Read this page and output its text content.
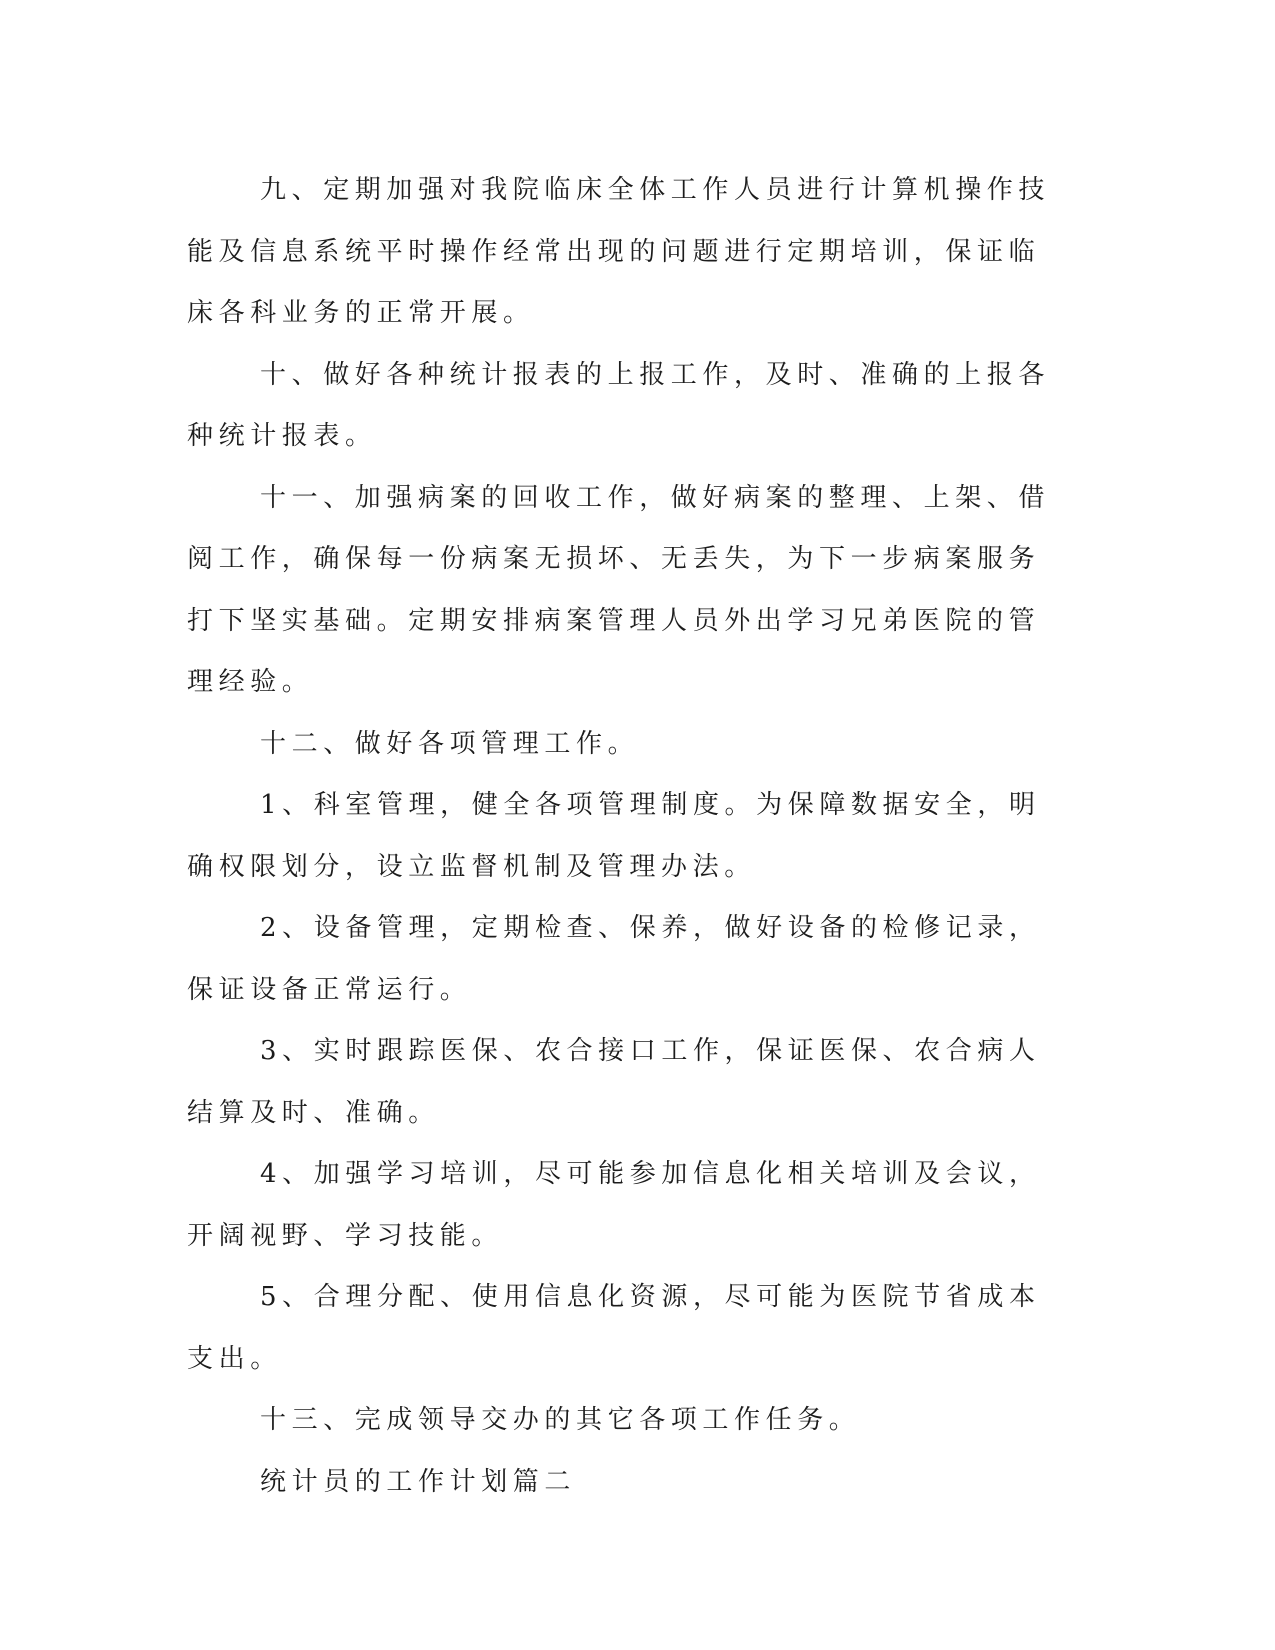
九、定期加强对我院临床全体工作人员进行计算机操作技能及信息系统平时操作经常出现的问题进行定期培训，保证临床各科业务的正常开展。

十、做好各种统计报表的上报工作，及时、准确的上报各种统计报表。

十一、加强病案的回收工作，做好病案的整理、上架、借阅工作，确保每一份病案无损坏、无丢失，为下一步病案服务打下坚实基础。定期安排病案管理人员外出学习兄弟医院的管理经验。

十二、做好各项管理工作。

1、科室管理，健全各项管理制度。为保障数据安全，明确权限划分，设立监督机制及管理办法。

2、设备管理，定期检查、保养，做好设备的检修记录，保证设备正常运行。

3、实时跟踪医保、农合接口工作，保证医保、农合病人结算及时、准确。

4、加强学习培训，尽可能参加信息化相关培训及会议，开阔视野、学习技能。

5、合理分配、使用信息化资源，尽可能为医院节省成本支出。

十三、完成领导交办的其它各项工作任务。

统计员的工作计划篇二
